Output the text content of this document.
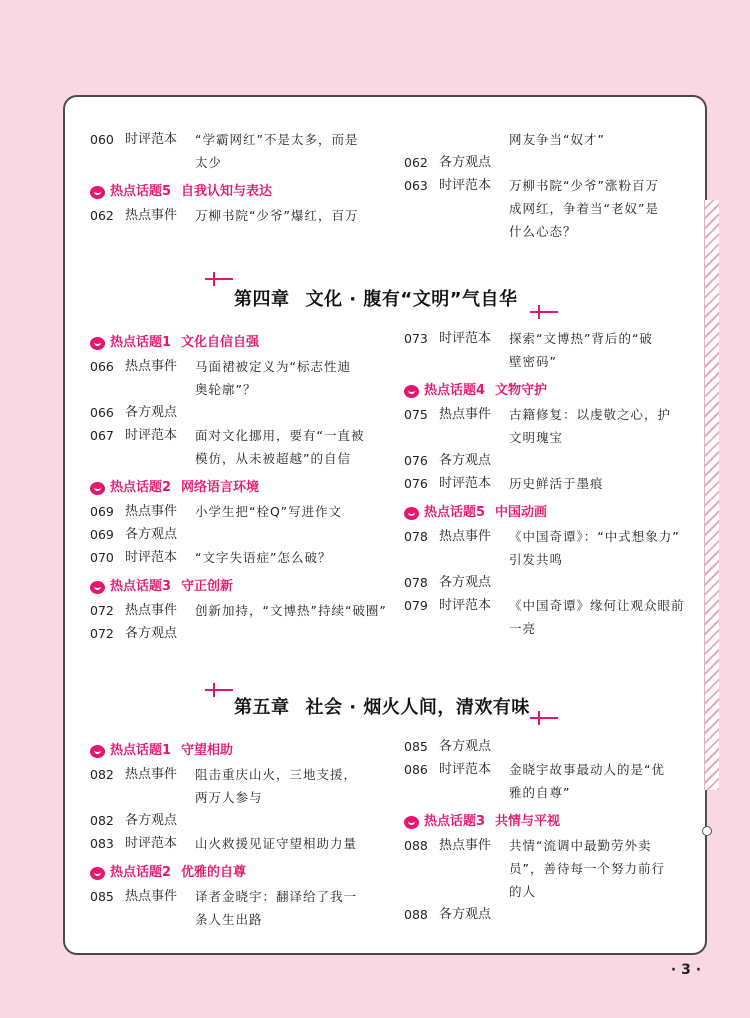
060 时评范本	“学霸网红”不是太多，而是
太少
热点话题5 自我认知与表达
062 热点事件	万柳书院“少爷”爆红，百万
网友争当“奴才”
062 各方观点
063 时评范本	万柳书院“少爷”涨粉百万
成网红，争着当“老奴”是
什么心态？
第四章 文化 · 腹有“文明”气自华
热点话题1 文化自信自强
066 热点事件	马面裙被定义为“标志性迪
奥轮廓”？
066 各方观点
067 时评范本	面对文化挪用，要有“一直被
模仿，从未被超越”的自信
热点话题2 网络语言环境
069 热点事件	小学生把“栓Q”写进作文
069 各方观点
070 时评范本	“文字失语症”怎么破？
热点话题3 守正创新
072 热点事件	创新加持，“文博热”持续“破圈”
072 各方观点
073 时评范本	探索“文博热”背后的“破
壁密码”
热点话题4 文物守护
075 热点事件	古籍修复：以虔敬之心，护
文明瑰宝
076 各方观点
076 时评范本	历史鲜活于墨痕
热点话题5 中国动画
078 热点事件	《中国奇谭》：“中式想象力”
引发共鸣
078 各方观点
079 时评范本	《中国奇谭》缘何让观众眼前
一亮
第五章 社会 · 烟火人间，清欢有味
热点话题1 守望相助
082 热点事件	阻击重庆山火，三地支援，
两万人参与
082 各方观点
083 时评范本	山火救援见证守望相助力量
热点话题2 优雅的自尊
085 热点事件	译者金晓宇：翻译给了我一
条人生出路
085 各方观点
086 时评范本	金晓宇故事最动人的是“优
雅的自尊”
热点话题3 共情与平视
088 热点事件	共情“流调中最勤劳外卖
员”，善待每一个努力前行
的人
088 各方观点
· 3 ·
